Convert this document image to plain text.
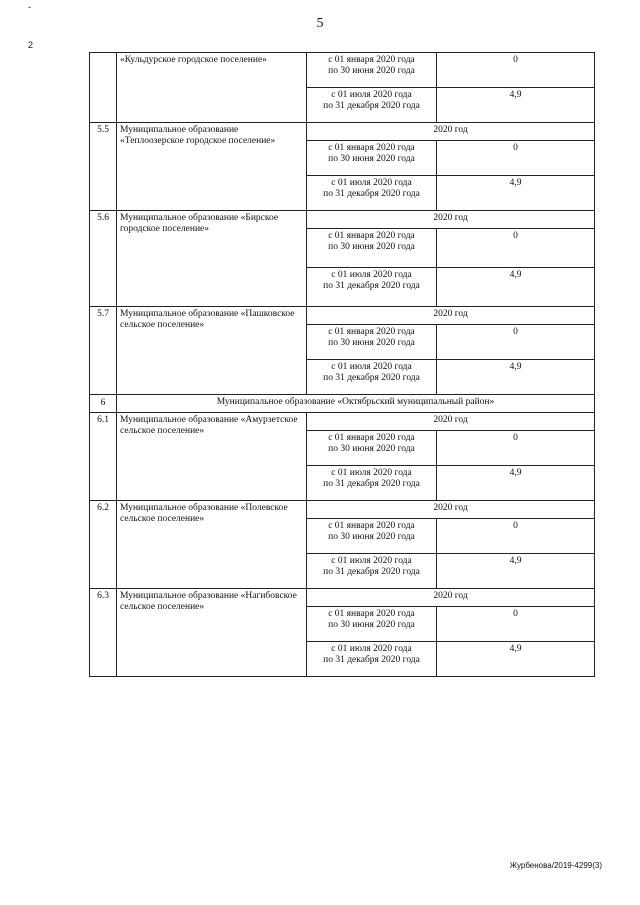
5
-
2
	«Кульдурское городское поселение»	с 01 января 2020 года
по 30 июня 2020 года	0
		с 01 июля 2020 года
по 31 декабря 2020 года	4,9
5.5	Муниципальное образование «Теплоозерское городское поселение»	2020 год	
		с 01 января 2020 года
по 30 июня 2020 года	0
		с 01 июля 2020 года
по 31 декабря 2020 года	4,9
5.6	Муниципальное образование «Бирское городское поселение»	2020 год	
		с 01 января 2020 года
по 30 июня 2020 года	0
		с 01 июля 2020 года
по 31 декабря 2020 года	4,9
5.7	Муниципальное образование «Пашковское сельское поселение»	2020 год	
		с 01 января 2020 года
по 30 июня 2020 года	0
		с 01 июля 2020 года
по 31 декабря 2020 года	4,9
6	Муниципальное образование «Октябрьский муниципальный район»		
6.1	Муниципальное образование «Амурзетское сельское поселение»	2020 год	
		с 01 января 2020 года
по 30 июня 2020 года	0
		с 01 июля 2020 года
по 31 декабря 2020 года	4,9
6.2	Муниципальное образование «Полевское сельское поселение»	2020 год	
		с 01 января 2020 года
по 30 июня 2020 года	0
		с 01 июля 2020 года
по 31 декабря 2020 года	4,9
6.3	Муниципальное образование «Нагибовское сельское поселение»	2020 год	
		с 01 января 2020 года
по 30 июня 2020 года	0
		с 01 июля 2020 года
по 31 декабря 2020 года	4,9
Журбенова/2019-4299(3)
